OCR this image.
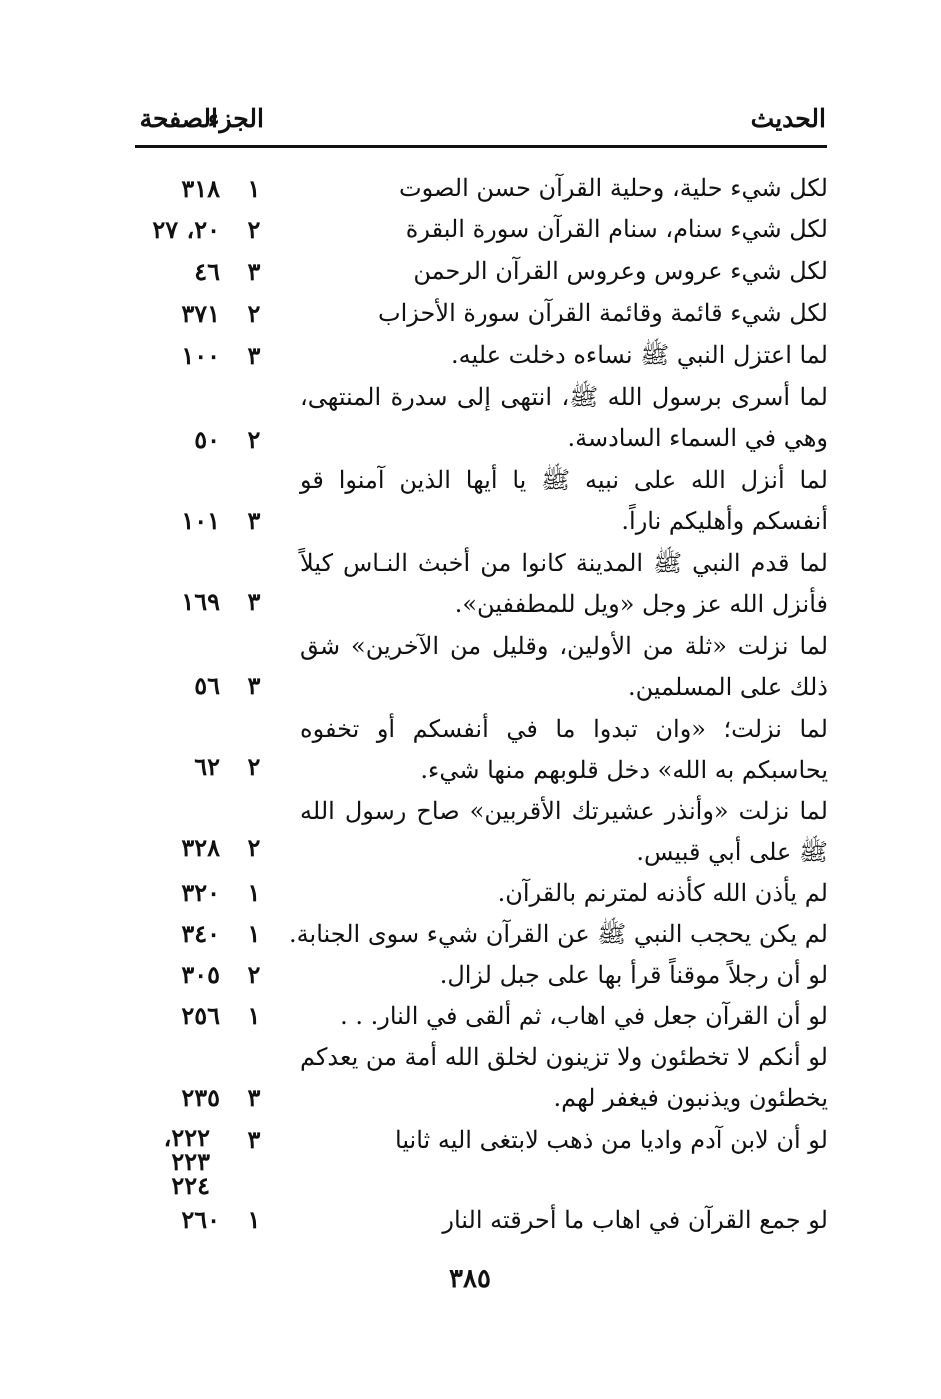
الحديث
الجزء
الصفحة
لكل شيء حلية، وحلية القرآن حسن الصوت
١
٣١٨
لكل شيء سنام، سنام القرآن سورة البقرة
٢
٢٠، ٢٧
لكل شيء عروس وعروس القرآن الرحمن
٣
٤٦
لكل شيء قائمة وقائمة القرآن سورة الأحزاب
٢
٣٧١
لما اعتزل النبي ﷺ نساءه دخلت عليه.
٣
١٠٠
لما أسرى برسول الله ﷺ، انتهى إلى سدرة المنتهى، وهي في السماء السادسة.
٢
٥٠
لما أنزل الله على نبيه ﷺ يا أيها الذين آمنوا قو أنفسكم وأهليكم ناراً.
٣
١٠١
لما قدم النبي ﷺ المدينة كانوا من أخبث النـاس كيلاً فأنزل الله عز وجل «ويل للمطففين».
٣
١٦٩
لما نزلت «ثلة من الأولين، وقليل من الآخرين» شق ذلك على المسلمين.
٣
٥٦
لما نزلت؛ «وان تبدوا ما في أنفسكم أو تخفوه يحاسبكم به الله» دخل قلوبهم منها شيء.
٢
٦٢
لما نزلت «وأنذر عشيرتك الأقربين» صاح رسول الله ﷺ على أبي قبيس.
٢
٣٢٨
لم يأذن الله كأذنه لمترنم بالقرآن.
١
٣٢٠
لم يكن يحجب النبي ﷺ عن القرآن شيء سوى الجنابة.
١
٣٤٠
لو أن رجلاً موقناً قرأ بها على جبل لزال.
٢
٣٠٥
لو أن القرآن جعل في اهاب، ثم ألقى في النار. . .
١
٢٥٦
لو أنكم لا تخطئون ولا تزينون لخلق الله أمة من يعدكم يخطئون ويذنبون فيغفر لهم.
٣
٢٣٥
لو أن لابن آدم واديا من ذهب لابتغى اليه ثانيا
٣
٢٢٢، ٢٢٣ ٢٢٤
لو جمع القرآن في اهاب ما أحرقته النار
١
٢٦٠
٣٨٥
